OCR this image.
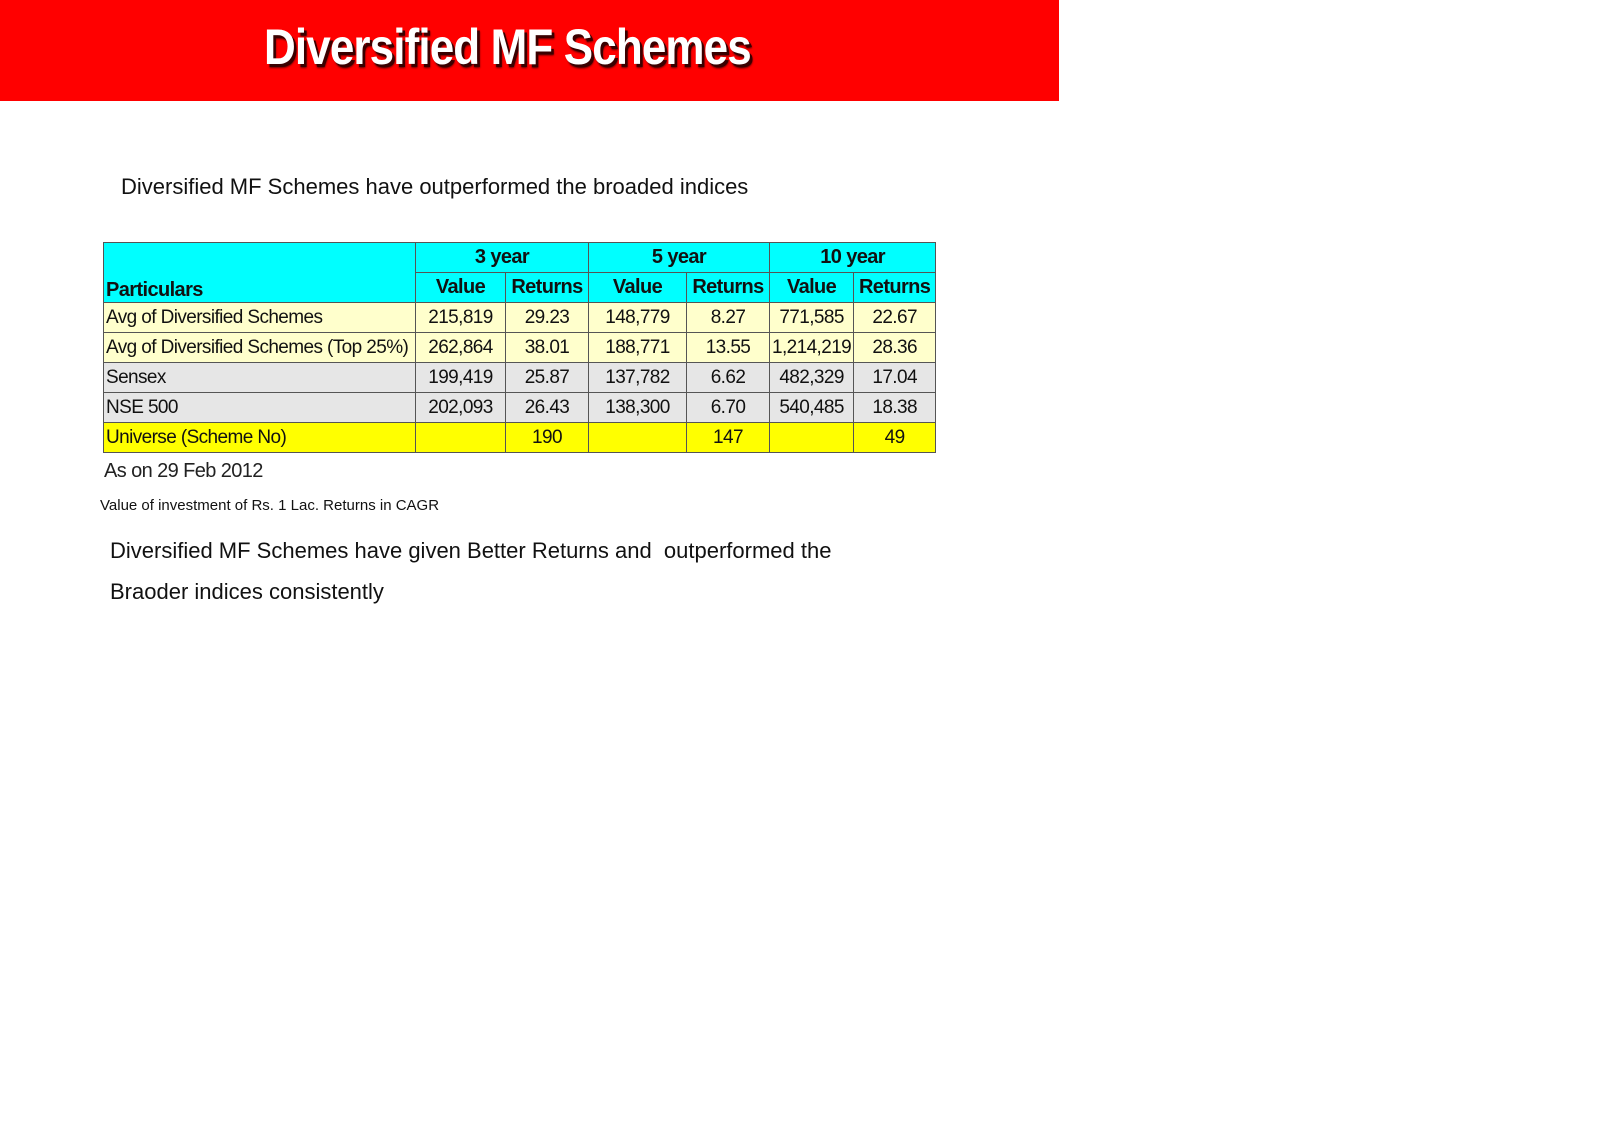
Diversified MF Schemes
Diversified MF Schemes have outperformed the broaded indices
Particulars	3 year		5 year		10 year	
	Value	Returns	Value	Returns	Value	Returns
Avg of Diversified Schemes	215,819	29.23	148,779	8.27	771,585	22.67
Avg of Diversified Schemes (Top 25%)	262,864	38.01	188,771	13.55	1,214,219	28.36
Sensex	199,419	25.87	137,782	6.62	482,329	17.04
NSE 500	202,093	26.43	138,300	6.70	540,485	18.38
Universe (Scheme No)		190		147		49
As on 29 Feb 2012
Value of investment of Rs. 1 Lac. Returns in CAGR
Diversified MF Schemes have given Better Returns and  outperformed the
Braoder indices consistently
